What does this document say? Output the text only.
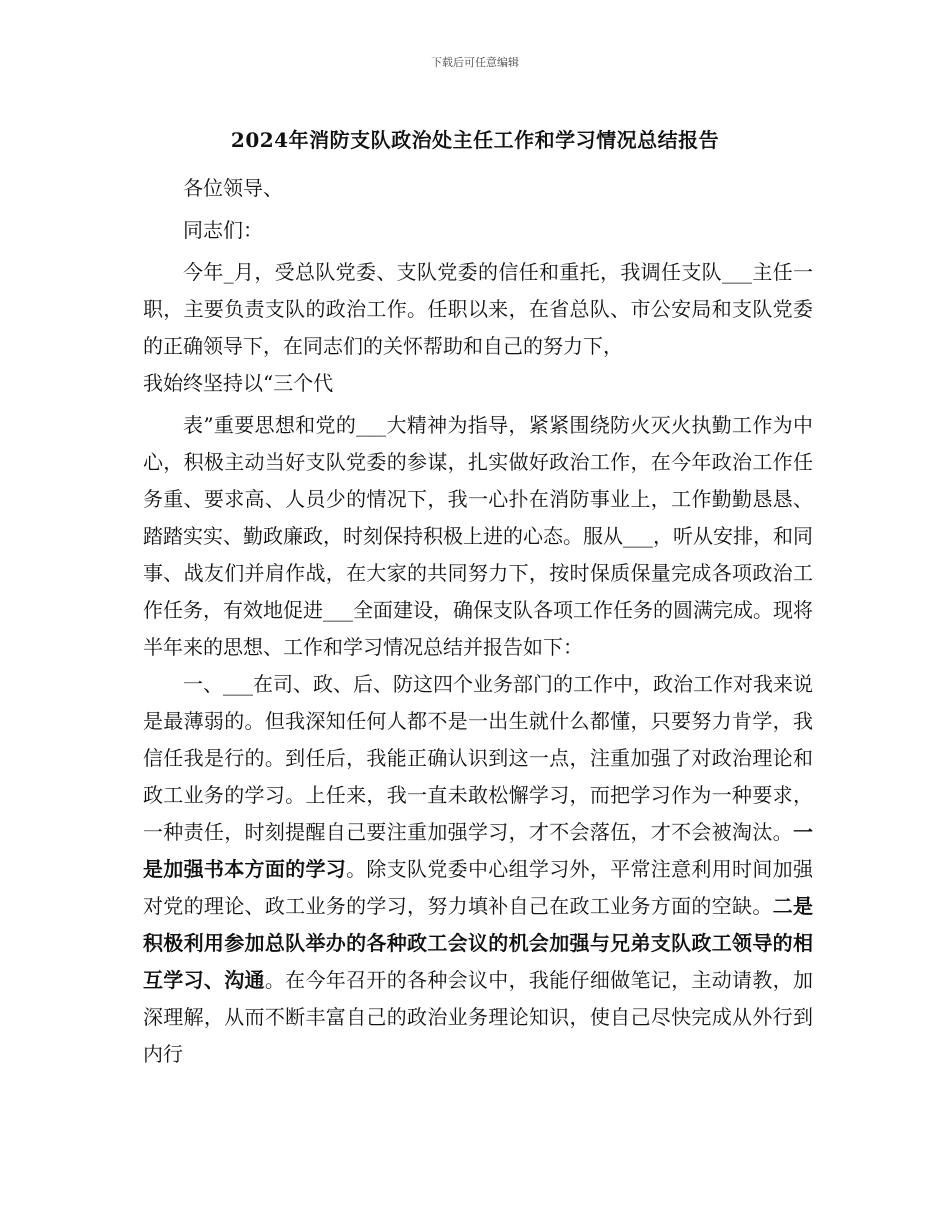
下载后可任意编辑
2024年消防支队政治处主任工作和学习情况总结报告

各位领导、

同志们：

今年_月，受总队党委、支队党委的信任和重托，我调任支队___主任一职，主要负责支队的政治工作。任职以来，在省总队、市公安局和支队党委的正确领导下，在同志们的关怀帮助和自己的努力下，
我始终坚持以“三个代

表”重要思想和党的___大精神为指导，紧紧围绕防火灭火执勤工作为中心，积极主动当好支队党委的参谋，扎实做好政治工作，在今年政治工作任务重、要求高、人员少的情况下，我一心扑在消防事业上，工作勤勤恳恳、踏踏实实、勤政廉政，时刻保持积极上进的心态。服从___，听从安排，和同事、战友们并肩作战，在大家的共同努力下，按时保质保量完成各项政治工作任务，有效地促进___全面建设，确保支队各项工作任务的圆满完成。现将半年来的思想、工作和学习情况总结并报告如下：

一、___在司、政、后、防这四个业务部门的工作中，政治工作对我来说是最薄弱的。但我深知任何人都不是一出生就什么都懂，只要努力肯学，我信任我是行的。到任后，我能正确认识到这一点，注重加强了对政治理论和政工业务的学习。上任来，我一直未敢松懈学习，而把学习作为一种要求，一种责任，时刻提醒自己要注重加强学习，才不会落伍，才不会被淘汰。一是加强书本方面的学习。除支队党委中心组学习外，平常注意利用时间加强对党的理论、政工业务的学习，努力填补自己在政工业务方面的空缺。二是积极利用参加总队举办的各种政工会议的机会加强与兄弟支队政工领导的相互学习、沟通。在今年召开的各种会议中，我能仔细做笔记，主动请教，加深理解，从而不断丰富自己的政治业务理论知识，使自己尽快完成从外行到内行
